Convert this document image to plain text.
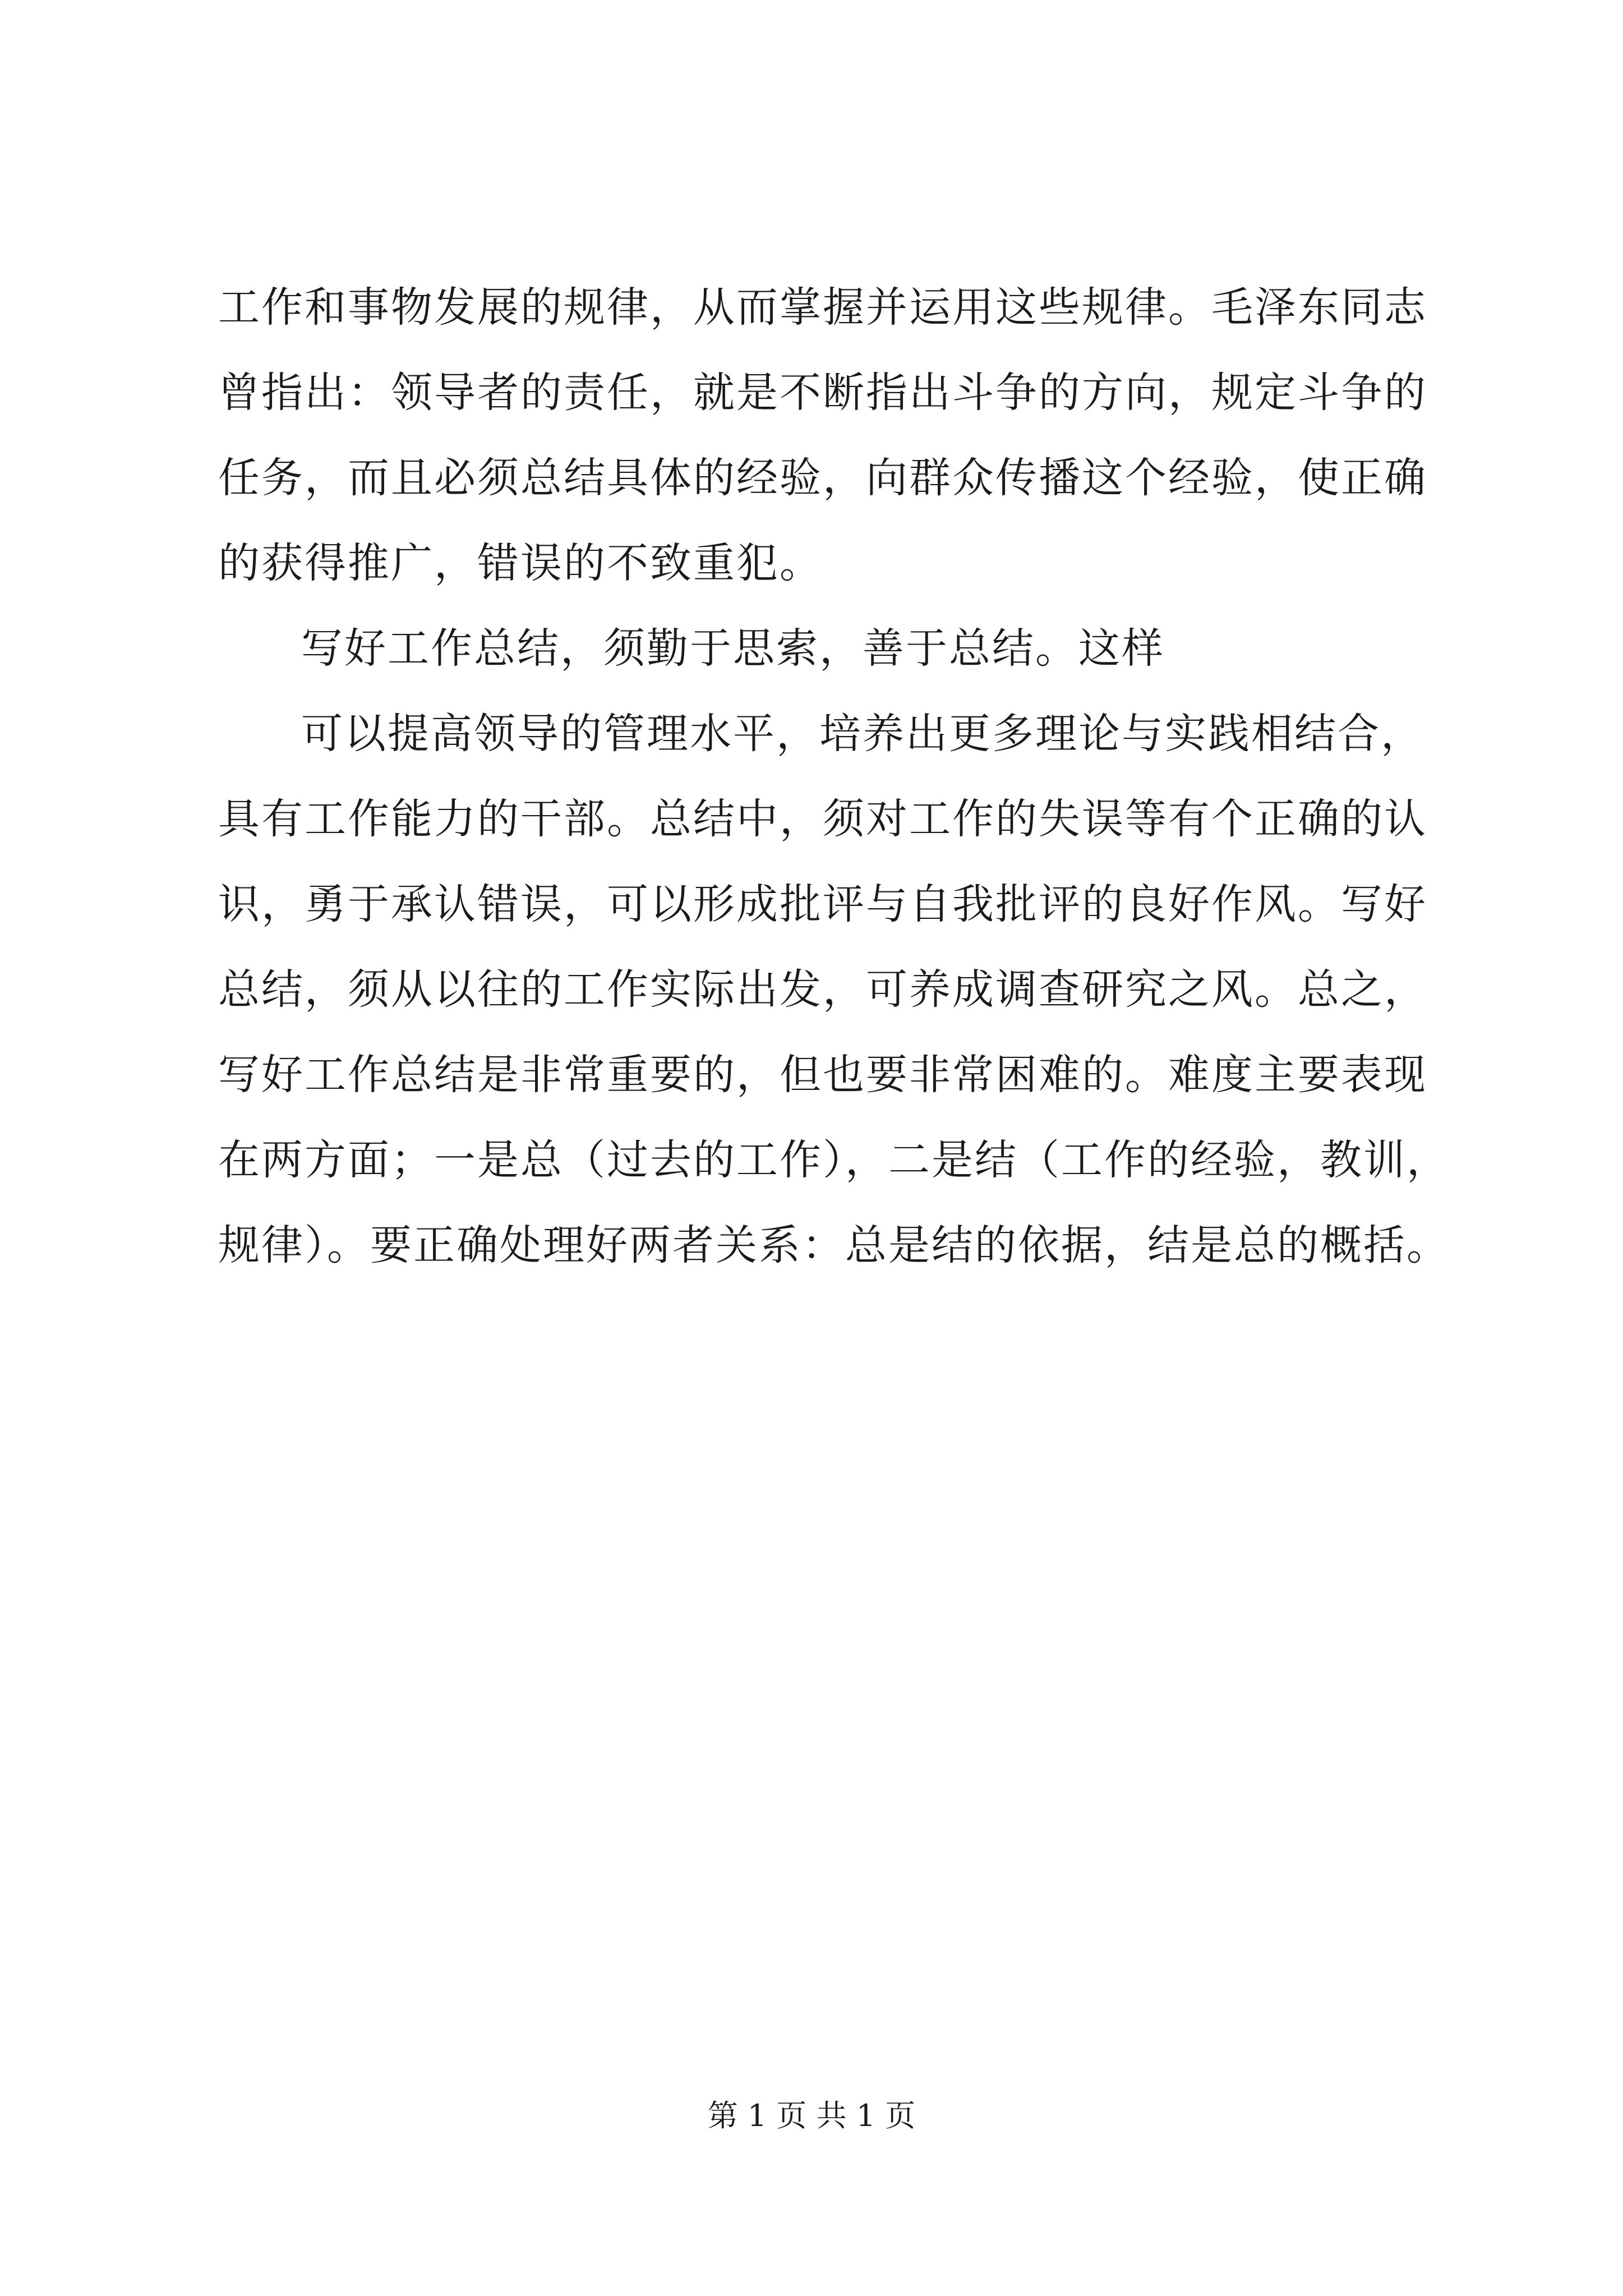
工作和事物发展的规律，从而掌握并运用这些规律。毛泽东同志
曾指出：领导者的责任，就是不断指出斗争的方向，规定斗争的
任务，而且必须总结具体的经验，向群众传播这个经验，使正确
的获得推广，错误的不致重犯。
写好工作总结，须勤于思索，善于总结。这样
可以提高领导的管理水平，培养出更多理论与实践相结合，
具有工作能力的干部。总结中，须对工作的失误等有个正确的认
识，勇于承认错误，可以形成批评与自我批评的良好作风。写好
总结，须从以往的工作实际出发，可养成调查研究之风。总之，
写好工作总结是非常重要的，但也要非常困难的。难度主要表现
在两方面；一是总（过去的工作），二是结（工作的经验，教训，
规律）。要正确处理好两者关系：总是结的依据，结是总的概括。
第 1 页 共 1 页
